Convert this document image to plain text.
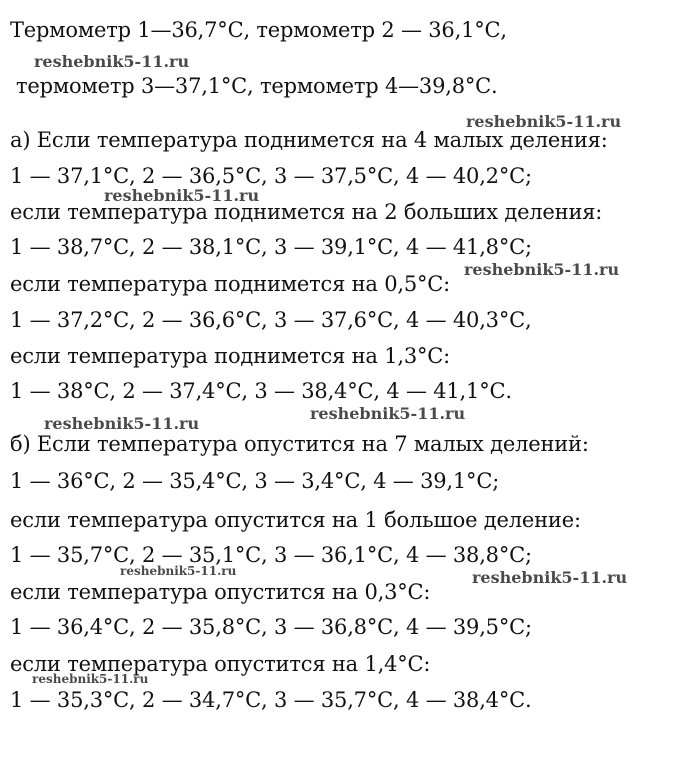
Термометр 1—36,7°С, термометр 2 — 36,1°С,
термометр 3—37,1°С, термометр 4—39,8°С.
а) Если температура поднимется на 4 малых деления:
1 — 37,1°С, 2 — 36,5°С, 3 — 37,5°С, 4 — 40,2°С;
если температура поднимется на 2 больших деления:
1 — 38,7°С, 2 — 38,1°С, 3 — 39,1°С, 4 — 41,8°С;
если температура поднимется на 0,5°С:
1 — 37,2°С, 2 — 36,6°С, 3 — 37,6°С, 4 — 40,3°С,
если температура поднимется на 1,3°С:
1 — 38°С, 2 — 37,4°С, 3 — 38,4°С, 4 — 41,1°С.
б) Если температура опустится на 7 малых делений:
1 — 36°С, 2 — 35,4°С, 3 — 3,4°С, 4 — 39,1°С;
если температура опустится на 1 большое деление:
1 — 35,7°С, 2 — 35,1°С, 3 — 36,1°С, 4 — 38,8°С;
если температура опустится на 0,3°С:
1 — 36,4°С, 2 — 35,8°С, 3 — 36,8°С, 4 — 39,5°С;
если температура опустится на 1,4°С:
1 — 35,3°С, 2 — 34,7°С, 3 — 35,7°С, 4 — 38,4°С.
reshebnik5-11.ru
reshebnik5-11.ru
reshebnik5-11.ru
reshebnik5-11.ru
reshebnik5-11.ru
reshebnik5-11.ru
reshebnik5-11.ru	reshebnik5-11.ru
reshebnik5-11.ru
